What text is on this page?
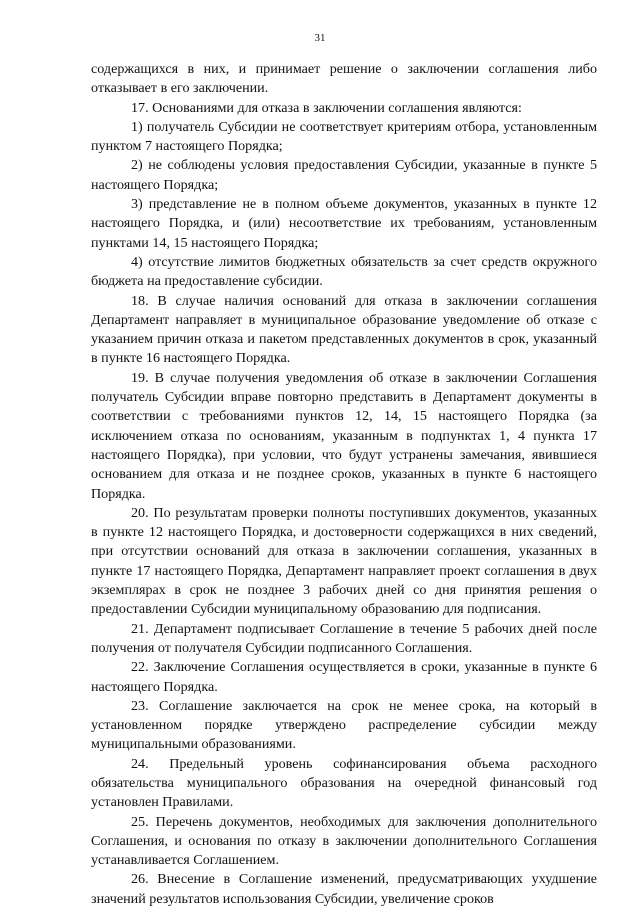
31

содержащихся в них, и принимает решение о заключении соглашения либо отказывает в его заключении.

17. Основаниями для отказа в заключении соглашения являются:

1) получатель Субсидии не соответствует критериям отбора, установленным пунктом 7 настоящего Порядка;

2) не соблюдены условия предоставления Субсидии, указанные в пункте 5 настоящего Порядка;

3) представление не в полном объеме документов, указанных в пункте 12 настоящего Порядка, и (или) несоответствие их требованиям, установленным пунктами 14, 15 настоящего Порядка;

4) отсутствие лимитов бюджетных обязательств за счет средств окружного бюджета на предоставление субсидии.

18. В случае наличия оснований для отказа в заключении соглашения Департамент направляет в муниципальное образование уведомление об отказе с указанием причин отказа и пакетом представленных документов в срок, указанный в пункте 16 настоящего Порядка.

19. В случае получения уведомления об отказе в заключении Соглашения получатель Субсидии вправе повторно представить в Департамент документы в соответствии с требованиями пунктов 12, 14, 15 настоящего Порядка (за исключением отказа по основаниям, указанным в подпунктах 1, 4 пункта 17 настоящего Порядка), при условии, что будут устранены замечания, явившиеся основанием для отказа и не позднее сроков, указанных в пункте 6 настоящего Порядка.

20. По результатам проверки полноты поступивших документов, указанных в пункте 12 настоящего Порядка, и достоверности содержащихся в них сведений, при отсутствии оснований для отказа в заключении соглашения, указанных в пункте 17 настоящего Порядка, Департамент направляет проект соглашения в двух экземплярах в срок не позднее 3 рабочих дней со дня принятия решения о предоставлении Субсидии муниципальному образованию для подписания.

21. Департамент подписывает Соглашение в течение 5 рабочих дней после получения от получателя Субсидии подписанного Соглашения.

22. Заключение Соглашения осуществляется в сроки, указанные в пункте 6 настоящего Порядка.

23. Соглашение заключается на срок не менее срока, на который в установленном порядке утверждено распределение субсидии между муниципальными образованиями.

24. Предельный уровень софинансирования объема расходного обязательства муниципального образования на очередной финансовый год установлен Правилами.

25. Перечень документов, необходимых для заключения дополнительного Соглашения, и основания по отказу в заключении дополнительного Соглашения устанавливается Соглашением.

26. Внесение в Соглашение изменений, предусматривающих ухудшение значений результатов использования Субсидии, увеличение сроков
